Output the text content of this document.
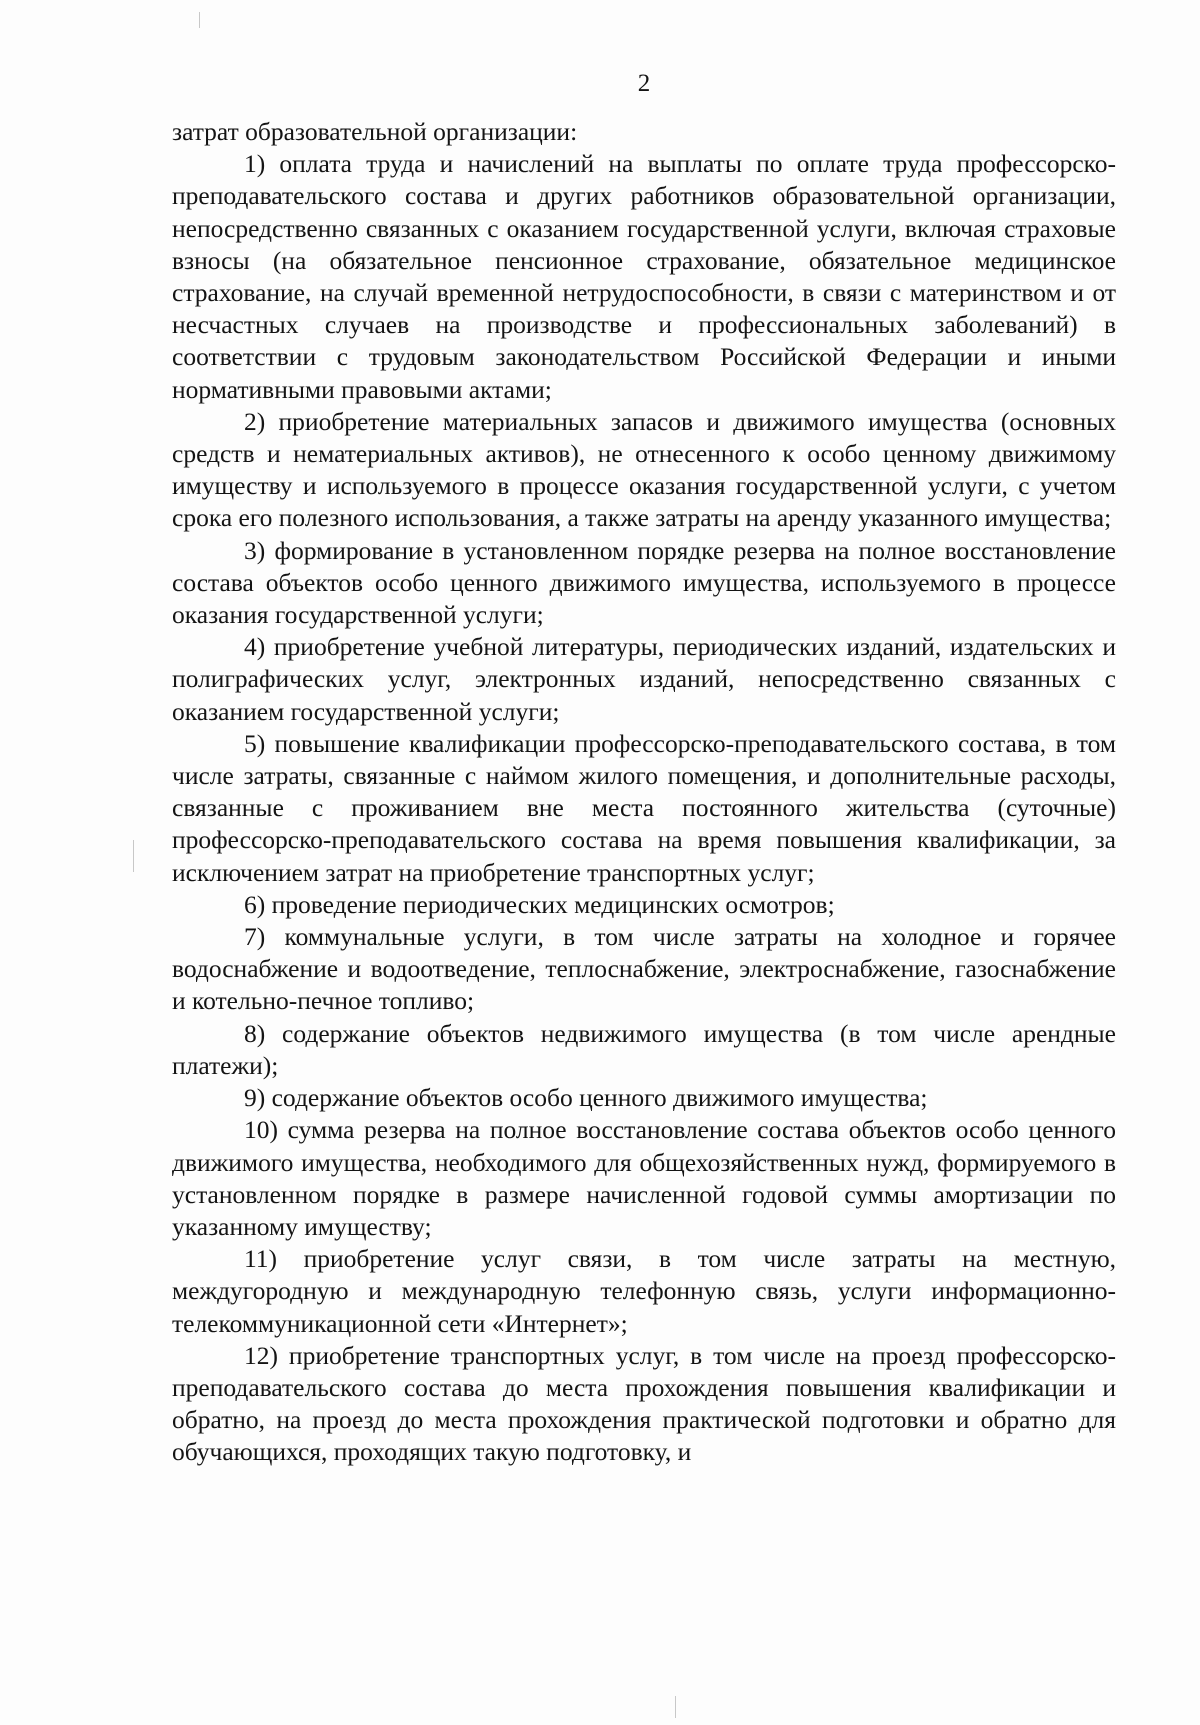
2

затрат образовательной организации:

1) оплата труда и начислений на выплаты по оплате труда профессорско-преподавательского состава и других работников образовательной организации, непосредственно связанных с оказанием государственной услуги, включая страховые взносы (на обязательное пенсионное страхование, обязательное медицинское страхование, на случай временной нетрудоспособности, в связи с материнством и от несчастных случаев на производстве и профессиональных заболеваний) в соответствии с трудовым законодательством Российской Федерации и иными нормативными правовыми актами;

2) приобретение материальных запасов и движимого имущества (основных средств и нематериальных активов), не отнесенного к особо ценному движимому имуществу и используемого в процессе оказания государственной услуги, с учетом срока его полезного использования, а также затраты на аренду указанного имущества;

3) формирование в установленном порядке резерва на полное восстановление состава объектов особо ценного движимого имущества, используемого в процессе оказания государственной услуги;

4) приобретение учебной литературы, периодических изданий, издательских и полиграфических услуг, электронных изданий, непосредственно связанных с оказанием государственной услуги;

5) повышение квалификации профессорско-преподавательского состава, в том числе затраты, связанные с наймом жилого помещения, и дополнительные расходы, связанные с проживанием вне места постоянного жительства (суточные) профессорско-преподавательского состава на время повышения квалификации, за исключением затрат на приобретение транспортных услуг;

6) проведение периодических медицинских осмотров;

7) коммунальные услуги, в том числе затраты на холодное и горячее водоснабжение и водоотведение, теплоснабжение, электроснабжение, газоснабжение и котельно-печное топливо;

8) содержание объектов недвижимого имущества (в том числе арендные платежи);

9) содержание объектов особо ценного движимого имущества;

10) сумма резерва на полное восстановление состава объектов особо ценного движимого имущества, необходимого для общехозяйственных нужд, формируемого в установленном порядке в размере начисленной годовой суммы амортизации по указанному имуществу;

11) приобретение услуг связи, в том числе затраты на местную, междугородную и международную телефонную связь, услуги информационно-телекоммуникационной сети «Интернет»;

12) приобретение транспортных услуг, в том числе на проезд профессорско-преподавательского состава до места прохождения повышения квалификации и обратно, на проезд до места прохождения практической подготовки и обратно для обучающихся, проходящих такую подготовку, и
